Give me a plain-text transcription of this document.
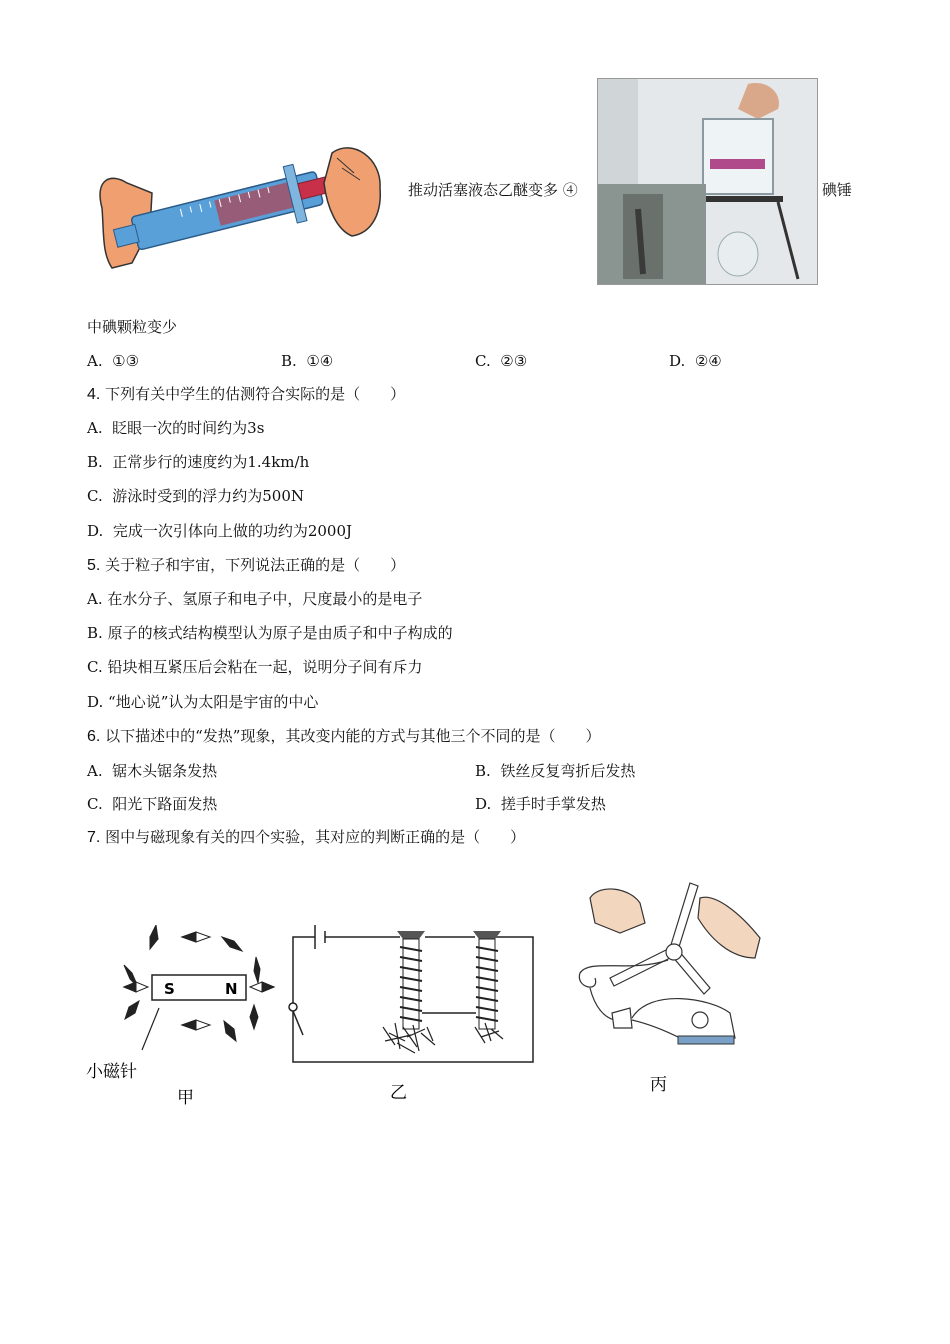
推动活塞液态乙醚变多 ④	碘锤
中碘颗粒变少
A. ①③	B. ①④	C. ②③	D. ②④
4. 下列有关中学生的估测符合实际的是（　　）
A. 眨眼一次的时间约为3s
B. 正常步行的速度约为1.4km/h
C. 游泳时受到的浮力约为500N
D. 完成一次引体向上做的功约为2000J
5. 关于粒子和宇宙，下列说法正确的是（　　）
A. 在水分子、氢原子和电子中，尺度最小的是电子
B. 原子的核式结构模型认为原子是由质子和中子构成的
C. 铅块相互紧压后会粘在一起，说明分子间有斥力
D. “地心说”认为太阳是宇宙的中心
6. 以下描述中的“发热”现象，其改变内能的方式与其他三个不同的是（　　）
A. 锯木头锯条发热	B. 铁丝反复弯折后发热
C. 阳光下路面发热	D. 搓手时手掌发热
7. 图中与磁现象有关的四个实验，其对应的判断正确的是（　　）
S	N
小磁针
甲	乙	丙
